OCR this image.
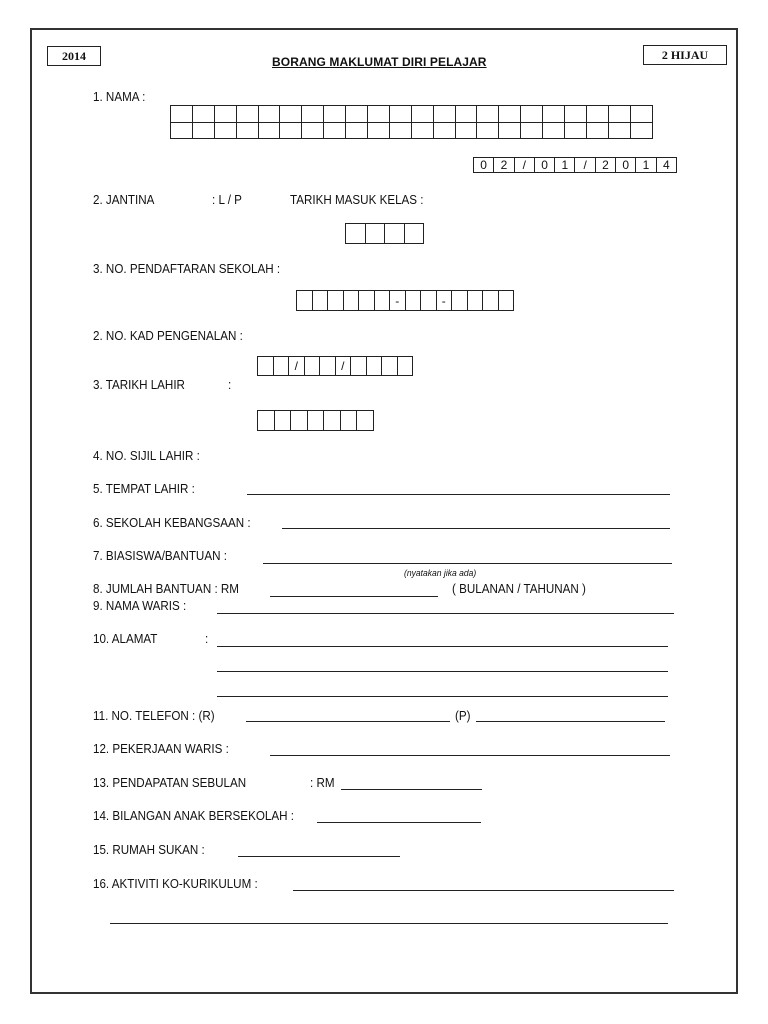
2014	2 HIJAU
BORANG MAKLUMAT DIRI PELAJAR
1. NAMA :
0	2	/	0	1	/	2	0	1	4
2. JANTINA	: L / P	TARIKH MASUK KELAS :
3. NO. PENDAFTARAN SEKOLAH :
-	-
2. NO. KAD PENGENALAN :
/	/
3. TARIKH LAHIR	:
4. NO. SIJIL LAHIR :
5. TEMPAT LAHIR :
6. SEKOLAH KEBANGSAAN :
7. BIASISWA/BANTUAN :
(nyatakan jika ada)
8. JUMLAH BANTUAN : RM	( BULANAN / TAHUNAN )
9. NAMA WARIS :
10. ALAMAT	:
11. NO. TELEFON : (R)	(P)
12. PEKERJAAN WARIS :
13. PENDAPATAN SEBULAN	: RM
14. BILANGAN ANAK BERSEKOLAH :
15. RUMAH SUKAN :
16. AKTIVITI KO-KURIKULUM :
